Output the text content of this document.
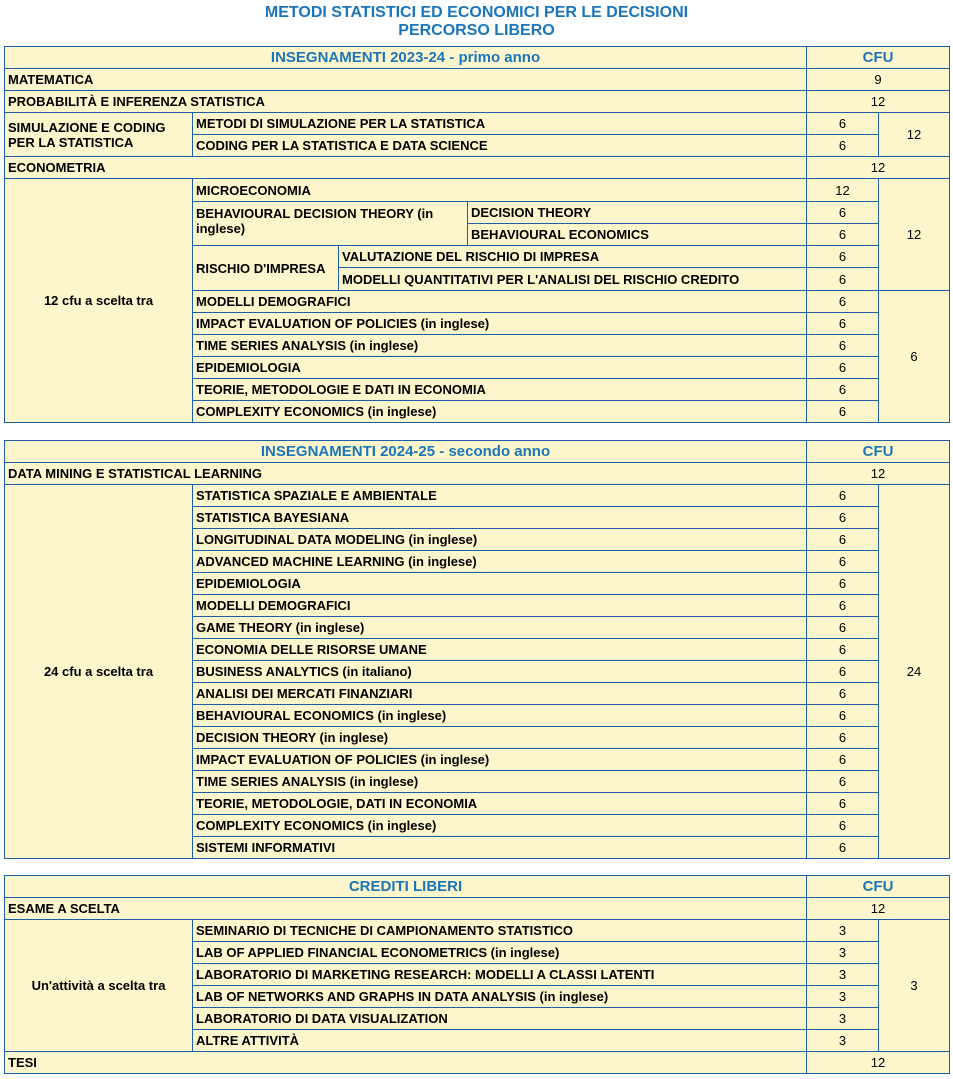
METODI STATISTICI ED ECONOMICI PER LE DECISIONI
PERCORSO LIBERO
INSEGNAMENTI 2023-24 - primo anno				CFU	
MATEMATICA				9	
PROBABILITÀ E INFERENZA STATISTICA				12	
SIMULAZIONE E CODING PER LA STATISTICA	METODI DI SIMULAZIONE PER LA STATISTICA			6	12
	CODING PER LA STATISTICA E DATA SCIENCE			6	
ECONOMETRIA				12	
12 cfu a scelta tra	MICROECONOMIA			12	12
	BEHAVIOURAL DECISION THEORY (in inglese)		DECISION THEORY	6	
			BEHAVIOURAL ECONOMICS	6	
	RISCHIO D'IMPRESA	VALUTAZIONE DEL RISCHIO DI IMPRESA		6	
		MODELLI QUANTITATIVI PER L'ANALISI DEL RISCHIO CREDITO		6	
	MODELLI DEMOGRAFICI			6	6
	IMPACT EVALUATION OF POLICIES (in inglese)			6	
	TIME SERIES ANALYSIS (in inglese)			6	
	EPIDEMIOLOGIA			6	
	TEORIE, METODOLOGIE E DATI IN ECONOMIA			6	
	COMPLEXITY ECONOMICS (in inglese)			6	
INSEGNAMENTI 2024-25 - secondo anno		CFU	
DATA MINING E STATISTICAL LEARNING		12	
24 cfu a scelta tra	STATISTICA SPAZIALE E AMBIENTALE	6	24
	STATISTICA BAYESIANA	6	
	LONGITUDINAL DATA MODELING (in inglese)	6	
	ADVANCED MACHINE LEARNING (in inglese)	6	
	EPIDEMIOLOGIA	6	
	MODELLI DEMOGRAFICI	6	
	GAME THEORY (in inglese)	6	
	ECONOMIA DELLE RISORSE UMANE	6	
	BUSINESS ANALYTICS (in italiano)	6	
	ANALISI DEI MERCATI FINANZIARI	6	
	BEHAVIOURAL ECONOMICS (in inglese)	6	
	DECISION THEORY (in inglese)	6	
	IMPACT EVALUATION OF POLICIES (in inglese)	6	
	TIME SERIES ANALYSIS (in inglese)	6	
	TEORIE, METODOLOGIE, DATI IN ECONOMIA	6	
	COMPLEXITY ECONOMICS (in inglese)	6	
	SISTEMI INFORMATIVI	6	
CREDITI LIBERI		CFU	
ESAME A SCELTA		12	
Un'attività a scelta tra	SEMINARIO DI TECNICHE DI CAMPIONAMENTO STATISTICO	3	3
	LAB OF APPLIED FINANCIAL ECONOMETRICS (in inglese)	3	
	LABORATORIO DI MARKETING RESEARCH: MODELLI A CLASSI LATENTI	3	
	LAB OF NETWORKS AND GRAPHS IN DATA ANALYSIS (in inglese)	3	
	LABORATORIO DI DATA VISUALIZATION	3	
	ALTRE ATTIVITÀ	3	
TESI		12	
